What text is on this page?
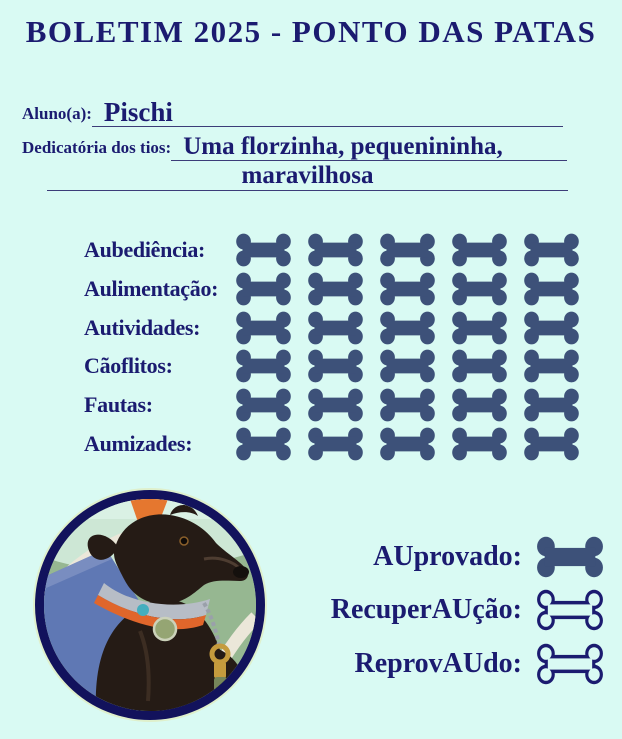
BOLETIM 2025 - PONTO DAS PATAS
Aluno(a): Pischi
Dedicatória dos tios: Uma florzinha, pequenininha,
maravilhosa
Aubediência:
Aulimentação:
Autividades:
Cãoflitos:
Fautas:
Aumizades:
AUprovado:
RecuperAUção:
ReprovAUdo:
